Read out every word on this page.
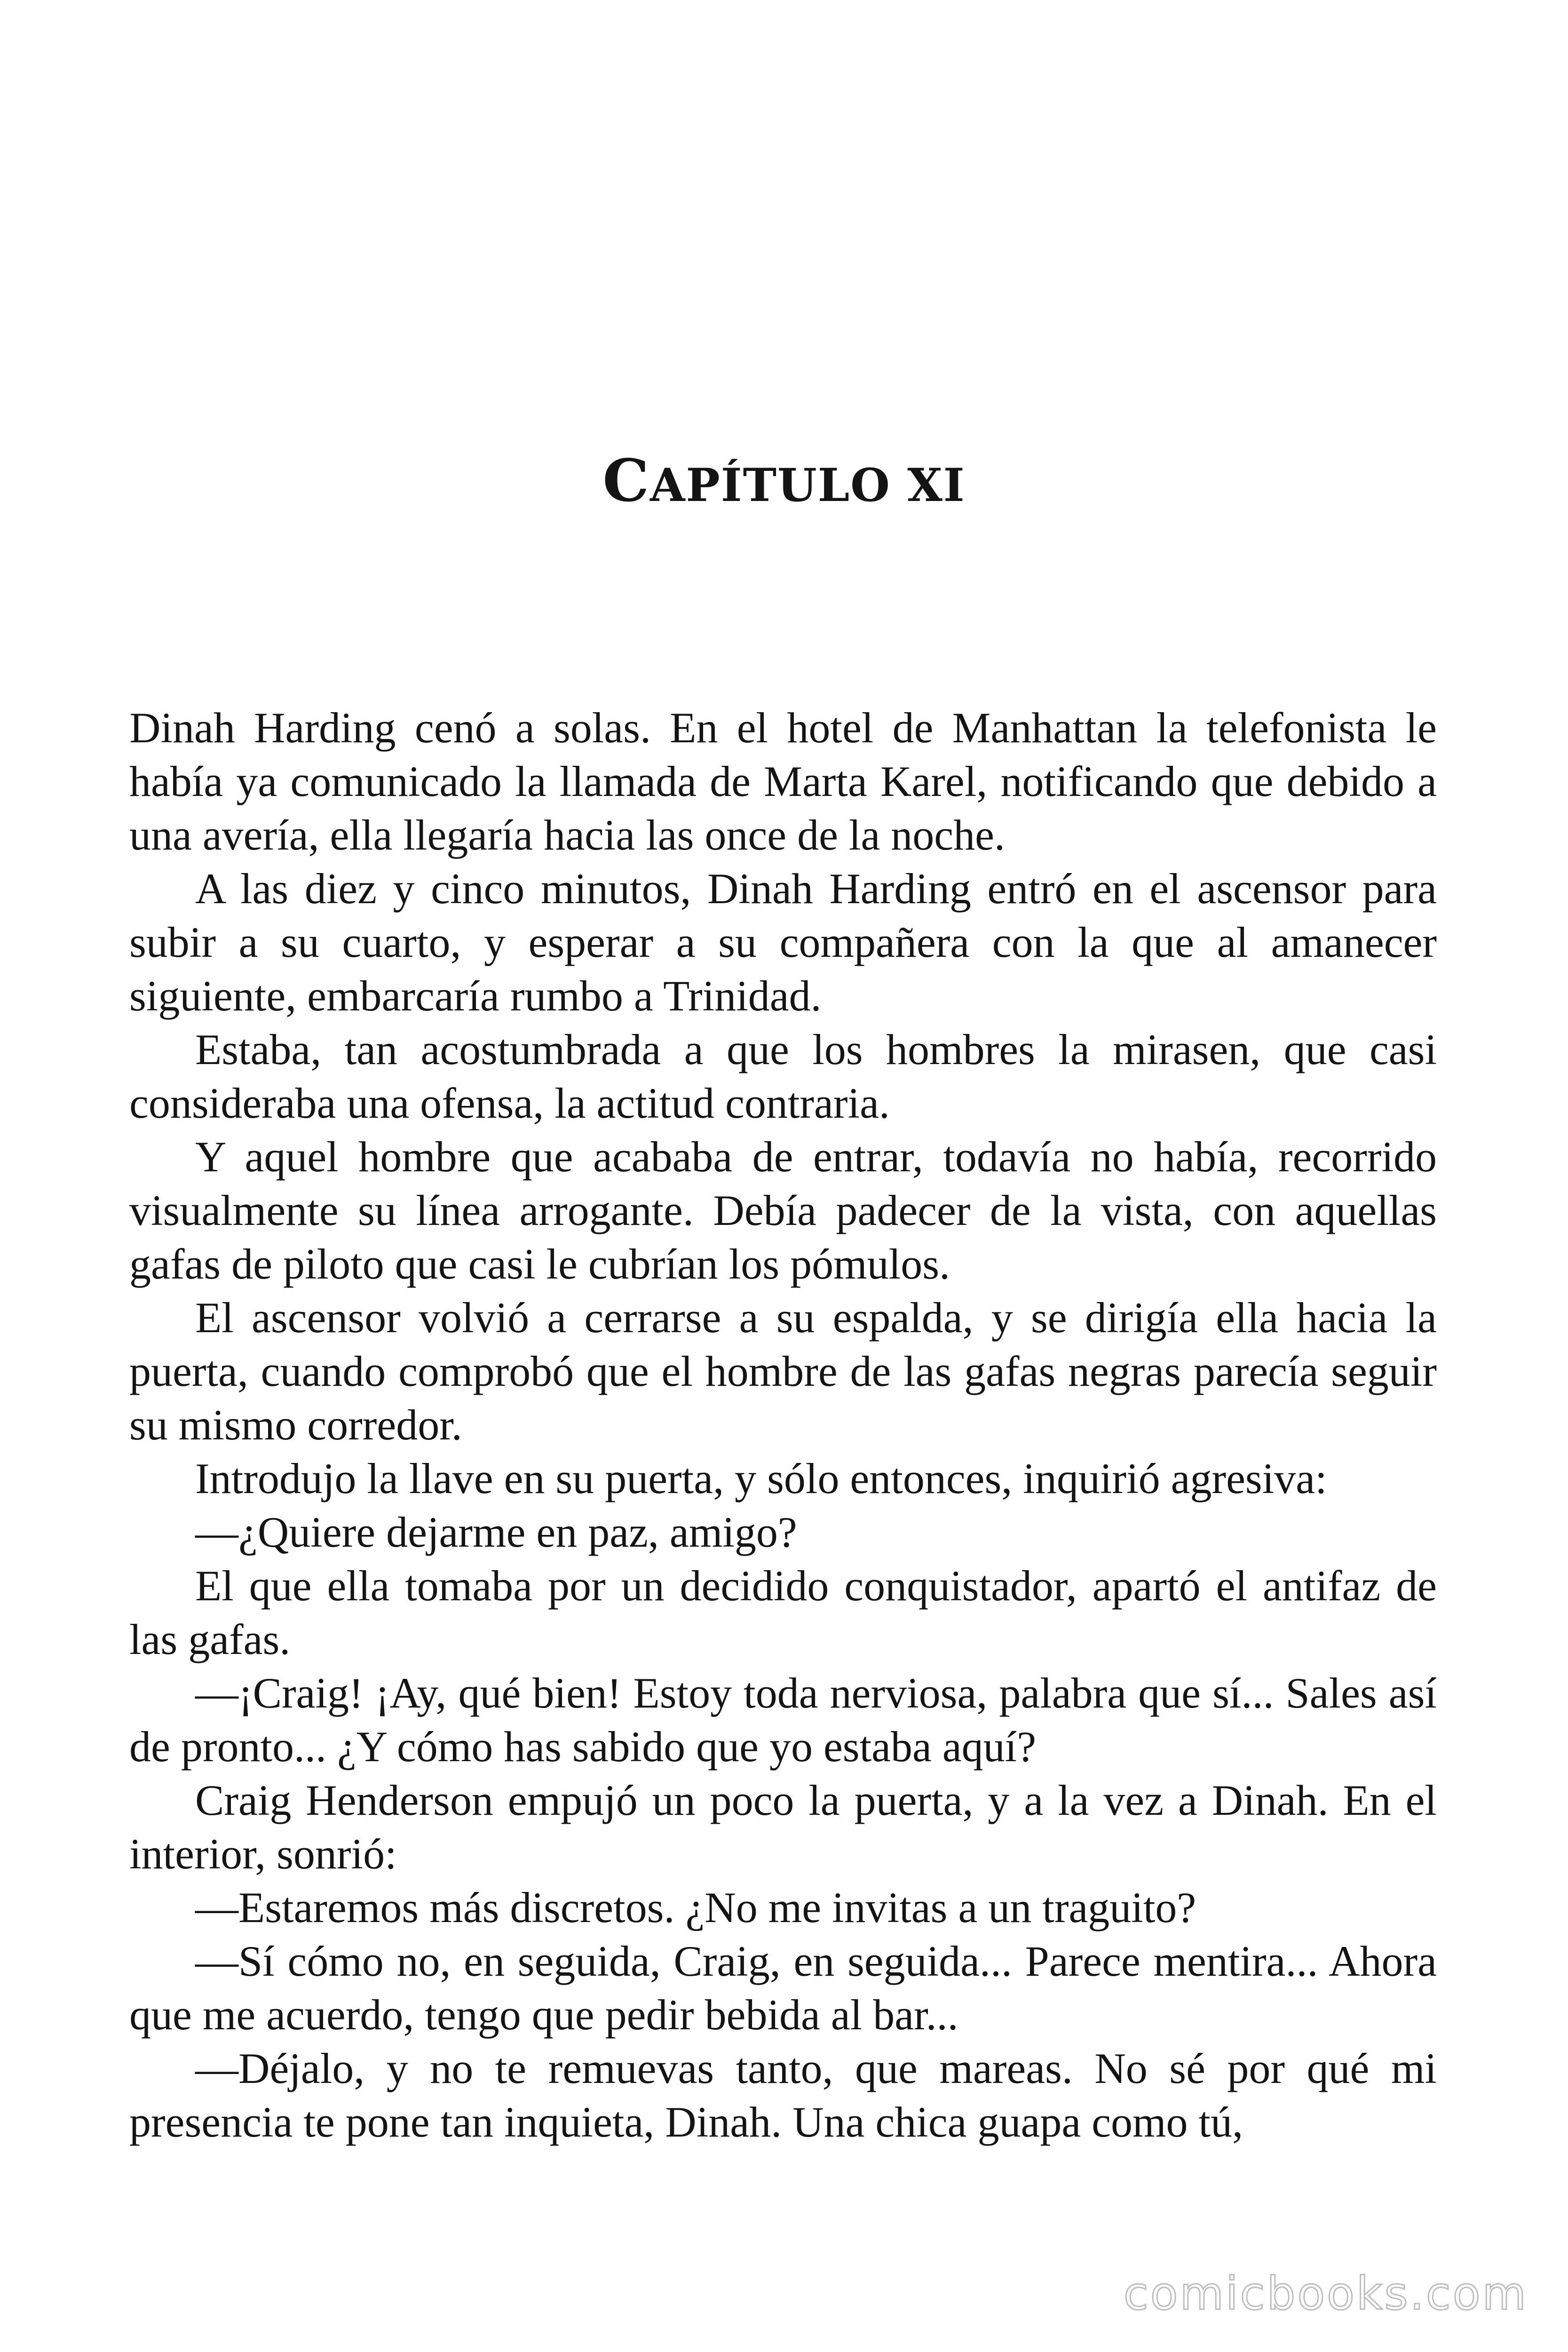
CAPÍTULO XI

Dinah Harding cenó a solas. En el hotel de Manhattan la telefonista le había ya comunicado la llamada de Marta Karel, notificando que debido a una avería, ella llegaría hacia las once de la noche.

A las diez y cinco minutos, Dinah Harding entró en el ascensor para subir a su cuarto, y esperar a su compañera con la que al amanecer siguiente, embarcaría rumbo a Trinidad.

Estaba, tan acostumbrada a que los hombres la mirasen, que casi consideraba una ofensa, la actitud contraria.

Y aquel hombre que acababa de entrar, todavía no había, recorrido visualmente su línea arrogante. Debía padecer de la vista, con aquellas gafas de piloto que casi le cubrían los pómulos.

El ascensor volvió a cerrarse a su espalda, y se dirigía ella hacia la puerta, cuando comprobó que el hombre de las gafas negras parecía seguir su mismo corredor.

Introdujo la llave en su puerta, y sólo entonces, inquirió agresiva:

—¿Quiere dejarme en paz, amigo?

El que ella tomaba por un decidido conquistador, apartó el antifaz de las gafas.

—¡Craig! ¡Ay, qué bien! Estoy toda nerviosa, palabra que sí... Sales así de pronto... ¿Y cómo has sabido que yo estaba aquí?

Craig Henderson empujó un poco la puerta, y a la vez a Dinah. En el interior, sonrió:

—Estaremos más discretos. ¿No me invitas a un traguito?

—Sí cómo no, en seguida, Craig, en seguida... Parece mentira... Ahora que me acuerdo, tengo que pedir bebida al bar...

—Déjalo, y no te remuevas tanto, que mareas. No sé por qué mi presencia te pone tan inquieta, Dinah. Una chica guapa como tú,

comicbooks.com
